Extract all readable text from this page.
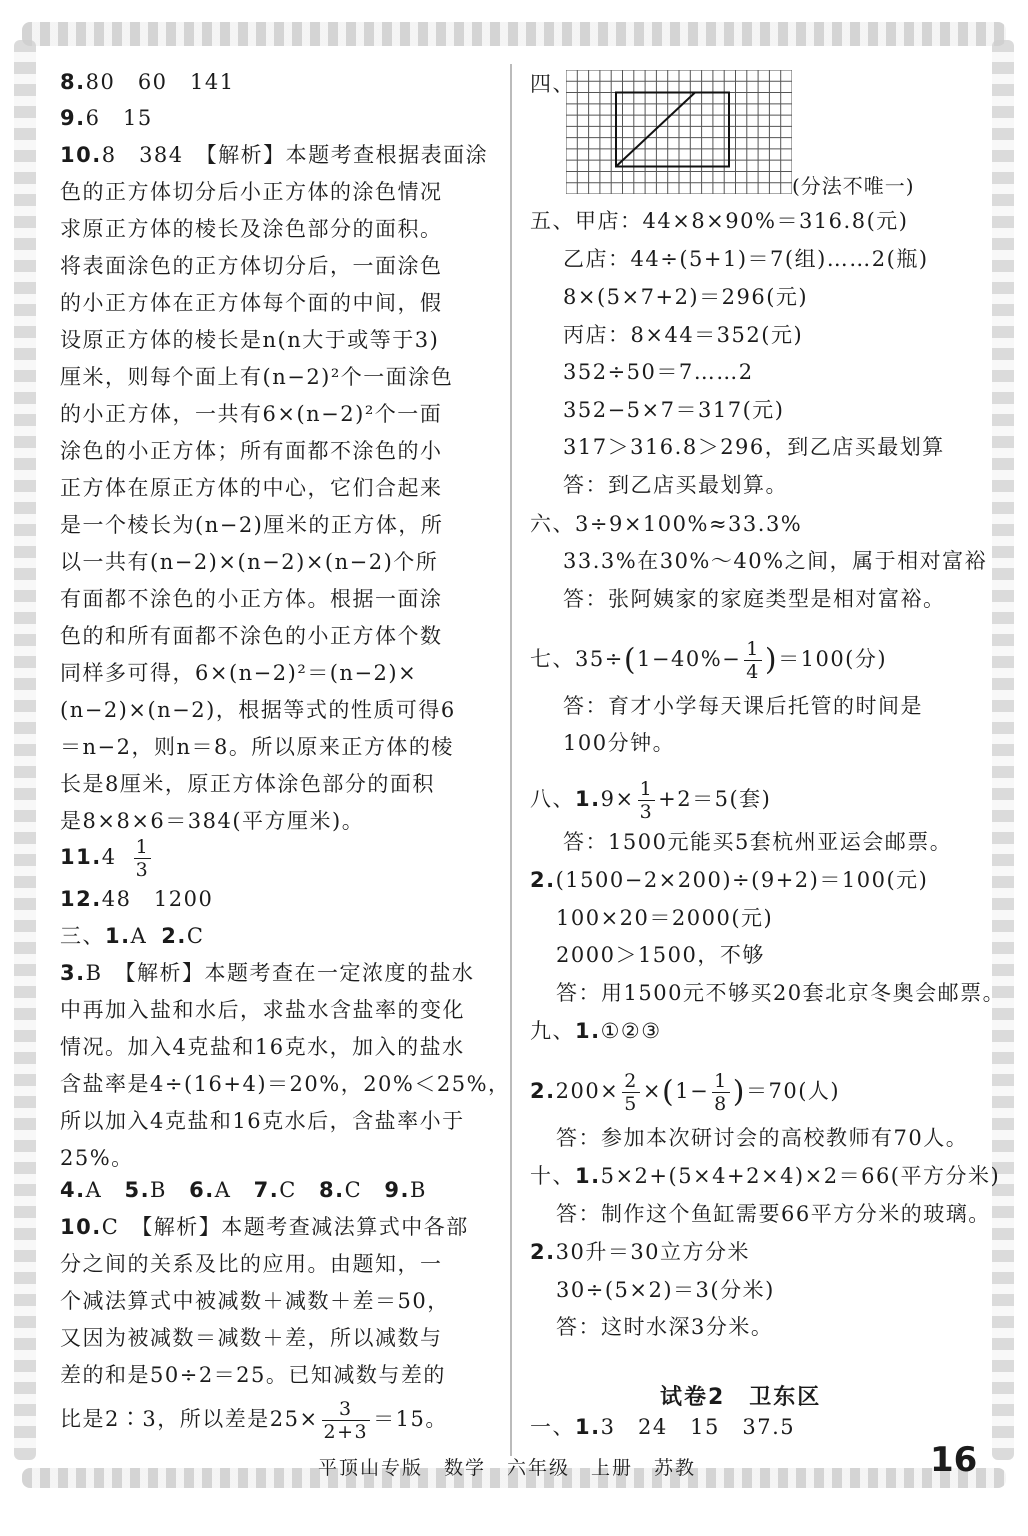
8.80　60　141
9.6　15
10.8　384　【解析】本题考查根据表面涂
色的正方体切分后小正方体的涂色情况
求原正方体的棱长及涂色部分的面积。
将表面涂色的正方体切分后，一面涂色
的小正方体在正方体每个面的中间，假
设原正方体的棱长是n(n大于或等于3)
厘米，则每个面上有(n−2)²个一面涂色
的小正方体，一共有6×(n−2)²个一面
涂色的小正方体；所有面都不涂色的小
正方体在原正方体的中心，它们合起来
是一个棱长为(n−2)厘米的正方体，所
以一共有(n−2)×(n−2)×(n−2)个所
有面都不涂色的小正方体。根据一面涂
色的和所有面都不涂色的小正方体个数
同样多可得，6×(n−2)²＝(n−2)×
(n−2)×(n−2)，根据等式的性质可得6
＝n−2，则n＝8。所以原来正方体的棱
长是8厘米，原正方体涂色部分的面积
是8×8×6＝384(平方厘米)。
$11.4 \frac{1}{3}$
12.48　1200
三、1.A 2.C
3.B　【解析】本题考查在一定浓度的盐水
中再加入盐和水后，求盐水含盐率的变化
情况。加入4克盐和16克水，加入的盐水
含盐率是4÷(16+4)＝20%，20%＜25%，
所以加入4克盐和16克水后，含盐率小于
25%。
4.A 5.B 6.A 7.C 8.C 9.B
10.C　【解析】本题考查减法算式中各部
分之间的关系及比的应用。由题知，一
个减法算式中被减数＋减数＋差＝50，
又因为被减数＝减数＋差，所以减数与
差的和是50÷2＝25。已知减数与差的
比是2∶3，所以差是$25\times \frac{3}{2+3} =15$。
四、
(分法不唯一)
五、甲店：44×8×90%＝316.8(元)
乙店：44÷(5+1)＝7(组)……2(瓶)
8×(5×7+2)＝296(元)
丙店：8×44＝352(元)
352÷50＝7……2
352−5×7＝317(元)
317＞316.8＞296，到乙店买最划算
答：到乙店买最划算。
六、3÷9×100%≈33.3%
33.3%在30%～40%之间，属于相对富裕
答：张阿姨家的家庭类型是相对富裕。
七、$35\div(1-40\%- \frac{1}{4} )=100$(分)
答：育才小学每天课后托管的时间是
100分钟。
八、$1.9\times \frac{1}{3} +2=5$(套)
答：1500元能买5套杭州亚运会邮票。
2.(1500−2×200)÷(9+2)＝100(元)
100×20＝2000(元)
2000＞1500，不够
答：用1500元不够买20套北京冬奥会邮票。
九、1.①②③
$2.200\times \frac{2}{5} \times(1- \frac{1}{8} )=70$(人)
答：参加本次研讨会的高校教师有70人。
十、1.5×2+(5×4+2×4)×2＝66(平方分米)
答：制作这个鱼缸需要66平方分米的玻璃。
2.30升＝30立方分米
30÷(5×2)＝3(分米)
答：这时水深3分米。
试卷2　卫东区
一、1.3　24　15　37.5
平顶山专版　数学　六年级　上册　苏教	16
